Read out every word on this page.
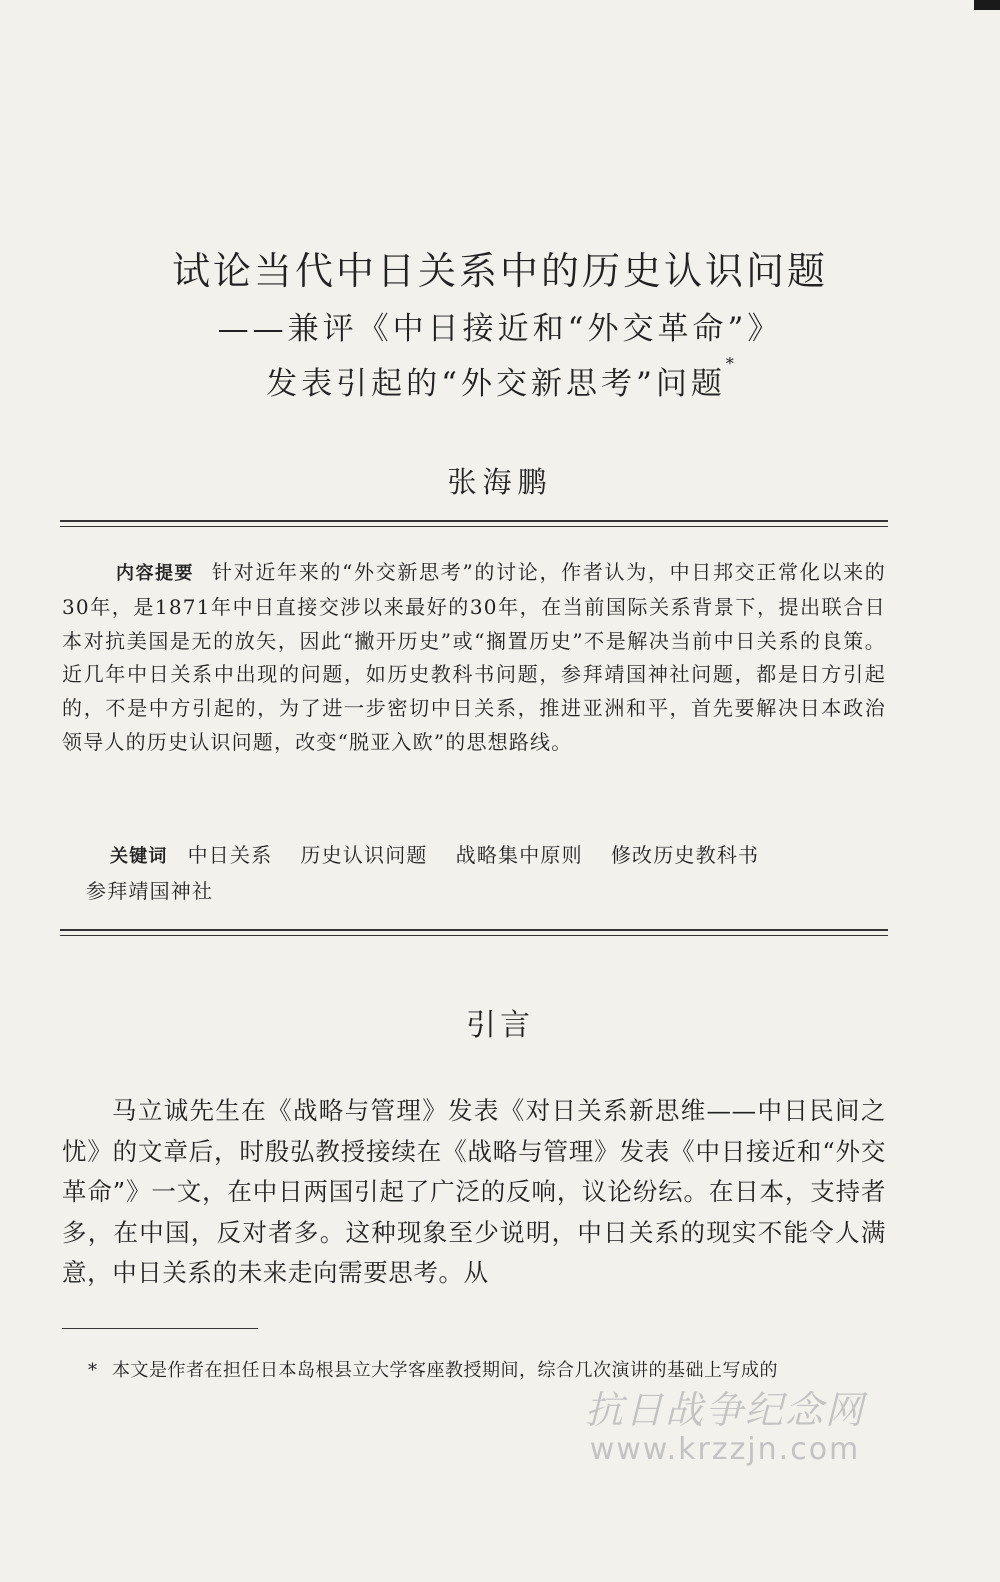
试论当代中日关系中的历史认识问题
——兼评《中日接近和“外交革命”》
发表引起的“外交新思考”问题*
张海鹏

内容提要 针对近年来的“外交新思考”的讨论，作者认为，中日邦交正常化以来的30年，是1871年中日直接交涉以来最好的30年，在当前国际关系背景下，提出联合日本对抗美国是无的放矢，因此“撇开历史”或“搁置历史”不是解决当前中日关系的良策。近几年中日关系中出现的问题，如历史教科书问题，参拜靖国神社问题，都是日方引起的，不是中方引起的，为了进一步密切中日关系，推进亚洲和平，首先要解决日本政治领导人的历史认识问题，改变“脱亚入欧”的思想路线。

关键词 中日关系 历史认识问题 战略集中原则 修改历史教科书
参拜靖国神社
引言

马立诚先生在《战略与管理》发表《对日关系新思维——中日民间之忧》的文章后，时殷弘教授接续在《战略与管理》发表《中日接近和“外交革命”》一文，在中日两国引起了广泛的反响，议论纷纭。在日本，支持者多，在中国，反对者多。这种现象至少说明，中日关系的现实不能令人满意，中日关系的未来走向需要思考。从

* 本文是作者在担任日本岛根县立大学客座教授期间，综合几次演讲的基础上写成的
抗日战争纪念网
www.krzzjn.com
